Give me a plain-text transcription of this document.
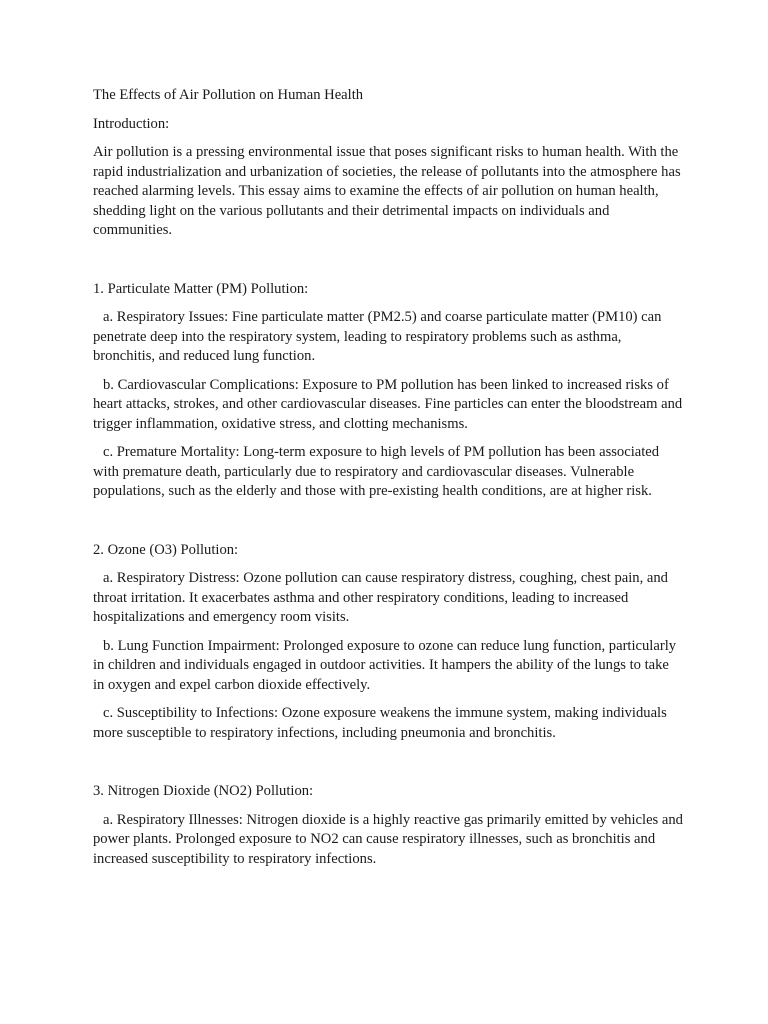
The Effects of Air Pollution on Human Health

Introduction:

Air pollution is a pressing environmental issue that poses significant risks to human health. With the rapid industrialization and urbanization of societies, the release of pollutants into the atmosphere has reached alarming levels. This essay aims to examine the effects of air pollution on human health, shedding light on the various pollutants and their detrimental impacts on individuals and communities.

1. Particulate Matter (PM) Pollution:

a. Respiratory Issues: Fine particulate matter (PM2.5) and coarse particulate matter (PM10) can penetrate deep into the respiratory system, leading to respiratory problems such as asthma, bronchitis, and reduced lung function.

b. Cardiovascular Complications: Exposure to PM pollution has been linked to increased risks of heart attacks, strokes, and other cardiovascular diseases. Fine particles can enter the bloodstream and trigger inflammation, oxidative stress, and clotting mechanisms.

c. Premature Mortality: Long-term exposure to high levels of PM pollution has been associated with premature death, particularly due to respiratory and cardiovascular diseases. Vulnerable populations, such as the elderly and those with pre-existing health conditions, are at higher risk.

2. Ozone (O3) Pollution:

a. Respiratory Distress: Ozone pollution can cause respiratory distress, coughing, chest pain, and throat irritation. It exacerbates asthma and other respiratory conditions, leading to increased hospitalizations and emergency room visits.

b. Lung Function Impairment: Prolonged exposure to ozone can reduce lung function, particularly in children and individuals engaged in outdoor activities. It hampers the ability of the lungs to take in oxygen and expel carbon dioxide effectively.

c. Susceptibility to Infections: Ozone exposure weakens the immune system, making individuals more susceptible to respiratory infections, including pneumonia and bronchitis.

3. Nitrogen Dioxide (NO2) Pollution:

a. Respiratory Illnesses: Nitrogen dioxide is a highly reactive gas primarily emitted by vehicles and power plants. Prolonged exposure to NO2 can cause respiratory illnesses, such as bronchitis and increased susceptibility to respiratory infections.
